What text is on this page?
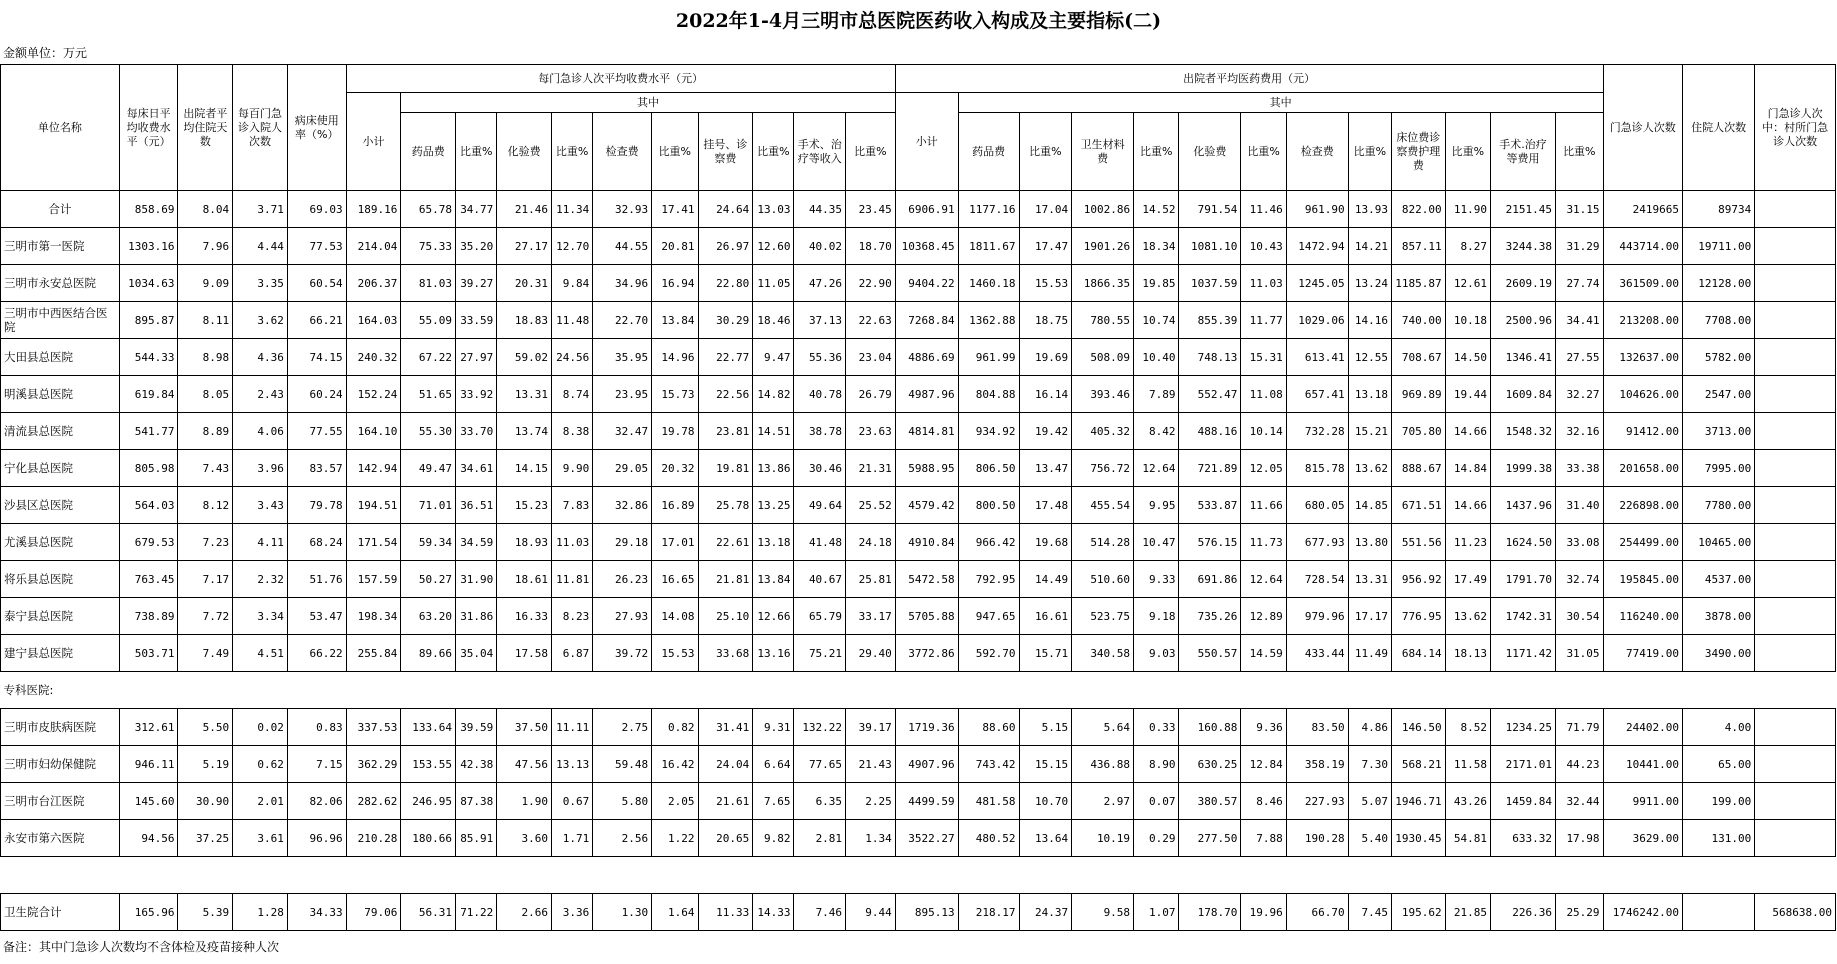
2022年1-4月三明市总医院医药收入构成及主要指标(二)
金额单位：万元
单位名称	每床日平均收费水平（元）	出院者平均住院天数	每百门急诊入院人次数	病床使用率（%）	每门急诊人次平均收费水平（元）											出院者平均医药费用（元）													门急诊人次数	住院人次数	门急诊人次中：村所门急诊人次数
					小计	其中										小计	其中														
						药品费	比重%	化验费	比重%	检查费	比重%	挂号、诊察费	比重%	手术、治疗等收入	比重%		药品费	比重%	卫生材料费	比重%	化验费	比重%	检查费	比重%	床位费诊察费护理费	比重%	手术.治疗等费用	比重%			
合计	858.69	8.04	3.71	69.03	189.16	65.78	34.77	21.46	11.34	32.93	17.41	24.64	13.03	44.35	23.45	6906.91	1177.16	17.04	1002.86	14.52	791.54	11.46	961.90	13.93	822.00	11.90	2151.45	31.15	2419665	89734	
三明市第一医院	1303.16	7.96	4.44	77.53	214.04	75.33	35.20	27.17	12.70	44.55	20.81	26.97	12.60	40.02	18.70	10368.45	1811.67	17.47	1901.26	18.34	1081.10	10.43	1472.94	14.21	857.11	8.27	3244.38	31.29	443714.00	19711.00	
三明市永安总医院	1034.63	9.09	3.35	60.54	206.37	81.03	39.27	20.31	9.84	34.96	16.94	22.80	11.05	47.26	22.90	9404.22	1460.18	15.53	1866.35	19.85	1037.59	11.03	1245.05	13.24	1185.87	12.61	2609.19	27.74	361509.00	12128.00	
三明市中西医结合医院	895.87	8.11	3.62	66.21	164.03	55.09	33.59	18.83	11.48	22.70	13.84	30.29	18.46	37.13	22.63	7268.84	1362.88	18.75	780.55	10.74	855.39	11.77	1029.06	14.16	740.00	10.18	2500.96	34.41	213208.00	7708.00	
大田县总医院	544.33	8.98	4.36	74.15	240.32	67.22	27.97	59.02	24.56	35.95	14.96	22.77	9.47	55.36	23.04	4886.69	961.99	19.69	508.09	10.40	748.13	15.31	613.41	12.55	708.67	14.50	1346.41	27.55	132637.00	5782.00	
明溪县总医院	619.84	8.05	2.43	60.24	152.24	51.65	33.92	13.31	8.74	23.95	15.73	22.56	14.82	40.78	26.79	4987.96	804.88	16.14	393.46	7.89	552.47	11.08	657.41	13.18	969.89	19.44	1609.84	32.27	104626.00	2547.00	
清流县总医院	541.77	8.89	4.06	77.55	164.10	55.30	33.70	13.74	8.38	32.47	19.78	23.81	14.51	38.78	23.63	4814.81	934.92	19.42	405.32	8.42	488.16	10.14	732.28	15.21	705.80	14.66	1548.32	32.16	91412.00	3713.00	
宁化县总医院	805.98	7.43	3.96	83.57	142.94	49.47	34.61	14.15	9.90	29.05	20.32	19.81	13.86	30.46	21.31	5988.95	806.50	13.47	756.72	12.64	721.89	12.05	815.78	13.62	888.67	14.84	1999.38	33.38	201658.00	7995.00	
沙县区总医院	564.03	8.12	3.43	79.78	194.51	71.01	36.51	15.23	7.83	32.86	16.89	25.78	13.25	49.64	25.52	4579.42	800.50	17.48	455.54	9.95	533.87	11.66	680.05	14.85	671.51	14.66	1437.96	31.40	226898.00	7780.00	
尤溪县总医院	679.53	7.23	4.11	68.24	171.54	59.34	34.59	18.93	11.03	29.18	17.01	22.61	13.18	41.48	24.18	4910.84	966.42	19.68	514.28	10.47	576.15	11.73	677.93	13.80	551.56	11.23	1624.50	33.08	254499.00	10465.00	
将乐县总医院	763.45	7.17	2.32	51.76	157.59	50.27	31.90	18.61	11.81	26.23	16.65	21.81	13.84	40.67	25.81	5472.58	792.95	14.49	510.60	9.33	691.86	12.64	728.54	13.31	956.92	17.49	1791.70	32.74	195845.00	4537.00	
泰宁县总医院	738.89	7.72	3.34	53.47	198.34	63.20	31.86	16.33	8.23	27.93	14.08	25.10	12.66	65.79	33.17	5705.88	947.65	16.61	523.75	9.18	735.26	12.89	979.96	17.17	776.95	13.62	1742.31	30.54	116240.00	3878.00	
建宁县总医院	503.71	7.49	4.51	66.22	255.84	89.66	35.04	17.58	6.87	39.72	15.53	33.68	13.16	75.21	29.40	3772.86	592.70	15.71	340.58	9.03	550.57	14.59	433.44	11.49	684.14	18.13	1171.42	31.05	77419.00	3490.00	
专科医院:																															
三明市皮肤病医院	312.61	5.50	0.02	0.83	337.53	133.64	39.59	37.50	11.11	2.75	0.82	31.41	9.31	132.22	39.17	1719.36	88.60	5.15	5.64	0.33	160.88	9.36	83.50	4.86	146.50	8.52	1234.25	71.79	24402.00	4.00	
三明市妇幼保健院	946.11	5.19	0.62	7.15	362.29	153.55	42.38	47.56	13.13	59.48	16.42	24.04	6.64	77.65	21.43	4907.96	743.42	15.15	436.88	8.90	630.25	12.84	358.19	7.30	568.21	11.58	2171.01	44.23	10441.00	65.00	
三明市台江医院	145.60	30.90	2.01	82.06	282.62	246.95	87.38	1.90	0.67	5.80	2.05	21.61	7.65	6.35	2.25	4499.59	481.58	10.70	2.97	0.07	380.57	8.46	227.93	5.07	1946.71	43.26	1459.84	32.44	9911.00	199.00	
永安市第六医院	94.56	37.25	3.61	96.96	210.28	180.66	85.91	3.60	1.71	2.56	1.22	20.65	9.82	2.81	1.34	3522.27	480.52	13.64	10.19	0.29	277.50	7.88	190.28	5.40	1930.45	54.81	633.32	17.98	3629.00	131.00	

卫生院合计	165.96	5.39	1.28	34.33	79.06	56.31	71.22	2.66	3.36	1.30	1.64	11.33	14.33	7.46	9.44	895.13	218.17	24.37	9.58	1.07	178.70	19.96	66.70	7.45	195.62	21.85	226.36	25.29	1746242.00		568638.00
备注：其中门急诊人次数均不含体检及疫苗接种人次
